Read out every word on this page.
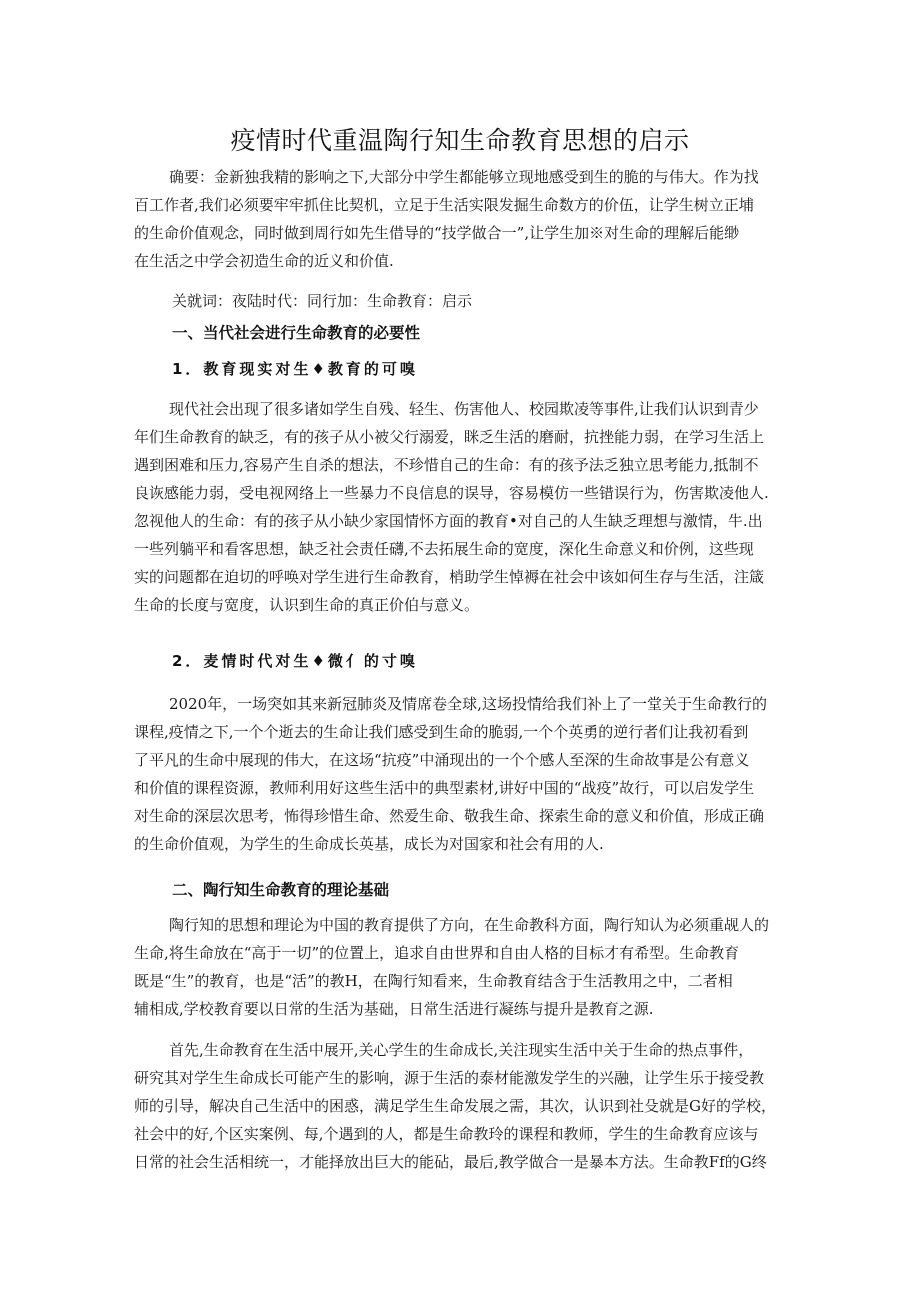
疫情时代重温陶行知生命教育思想的启示
确要：金新独我精的影响之下,大部分中学生都能够立现地感受到生的脆的与伟大。作为找
百工作者,我们必须要牢牢抓住比契机，立足于生活实限发掘生命数方的价伍，让学生树立正埔
的生命价值观念，同时做到周行如先生借导的“技学做合一”,让学生加※对生命的理解后能缈
在生活之中学会初造生命的近义和价值.
关就词：夜陆时代：同行加：生命教育：启示
一、当代社会进行生命教育的必要性
1．教育现实对生♦教育的可嗅
现代社会出现了很多诸如学生自残、轻生、伤害他人、校园欺凌等事件,让我们认识到青少
年们生命教育的缺乏，有的孩子从小被父行溺爱，眯乏生活的磨耐，抗挫能力弱，在学习生活上
遇到困难和压力,容易产生自杀的想法，不珍惜自己的生命：有的孩予法乏独立思考能力,抵制不
良诙感能力弱，受电视网络上一些暴力不良信息的误导，容易模仿一些错误行为，伤害欺凌他人.
忽视他人的生命：有的孩子从小缺少家国情怀方面的教育•对自己的人生缺乏理想与激情，牛.出
一些列躺平和看客思想，缺乏社会责任礴,不去拓展生命的宽度，深化生命意义和价例，这些现
实的问题都在迫切的呼唤对学生进行生命教育，梢助学生悼褥在社会中该如何生存与生活，注箴
生命的长度与宽度，认识到生命的真正价伯与意义。
2．麦情时代对生♦微亻的寸嗅
2020年，一场突如其来新冠肺炎及情席卷全球,这场投情给我们补上了一堂关于生命教行的
课程,疫情之下,一个个逝去的生命让我们感受到生命的脆弱,一个个英勇的逆行者们让我初看到
了平凡的生命中展现的伟大，在这场“抗疫”中涌现出的一个个感人至深的生命故事是公有意义
和价值的课程资源，教师利用好这些生活中的典型素材,讲好中国的“战疫”故行，可以启发学生
对生命的深层次思考，怖得珍惜生命、然爱生命、敬我生命、探索生命的意义和价值，形成正确
的生命价值观，为学生的生命成长英基，成长为对国家和社会有用的人.
二、陶行知生命教育的理论基础
陶行知的思想和理论为中国的教育提供了方向，在生命教科方面，陶行知认为必须重觇人的
生命,将生命放在“高于一切”的位置上，追求自由世界和自由人格的目标才有希型。生命教育
既是“生”的教育，也是“活”的教H，在陶行知看来，生命教育结含于生活教用之中，二者相
辅相成,学校教育要以日常的生活为基础，日常生活进行凝练与提升是教育之源.
首先,生命教育在生活中展开,关心学生的生命成长,关注现实生活中关于生命的热点事件，
研究其对学生生命成长可能产生的影响，源于生活的泰材能激发学生的兴融，让学生乐于接受教
师的引导，解决自己生活中的困惑，满足学生生命发展之需，其次，认识到社殳就是G好的学校，
社会中的好,个区实案例、每,个遇到的人，都是生命教玲的课程和教师，学生的生命教育应该与
日常的社会生活相统一，才能择放出巨大的能砧，最后,教学做合一是暴本方法。生命教Ff的G终
